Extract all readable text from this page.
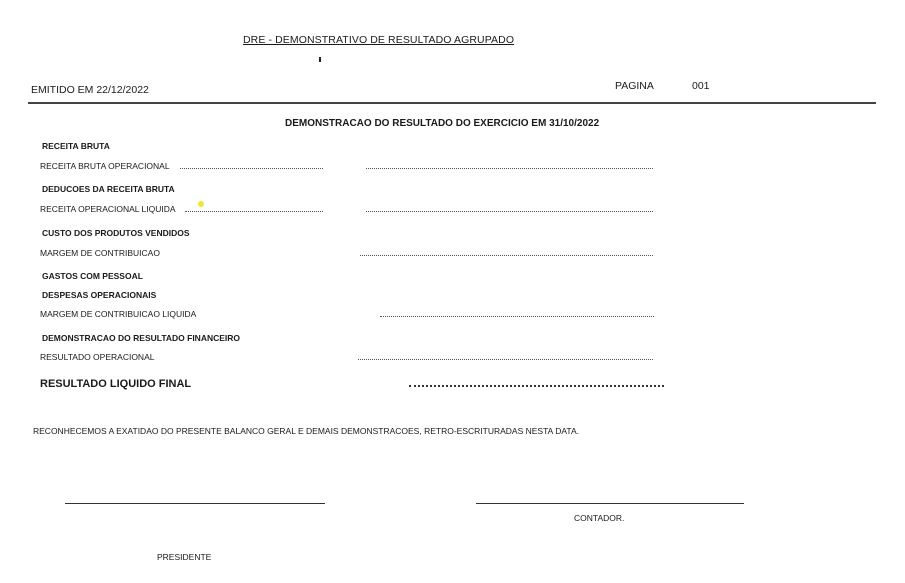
DRE - DEMONSTRATIVO DE RESULTADO AGRUPADO
EMITIDO EM 22/12/2022	PAGINA	001
DEMONSTRACAO DO RESULTADO DO EXERCICIO EM 31/10/2022
RECEITA BRUTA
RECEITA BRUTA OPERACIONAL
DEDUCOES DA RECEITA BRUTA
RECEITA OPERACIONAL LIQUIDA
CUSTO DOS PRODUTOS VENDIDOS
MARGEM DE CONTRIBUICAO
GASTOS COM PESSOAL
DESPESAS OPERACIONAIS
MARGEM DE CONTRIBUICAO LIQUIDA
DEMONSTRACAO DO RESULTADO FINANCEIRO
RESULTADO OPERACIONAL
RESULTADO LIQUIDO FINAL
RECONHECEMOS A EXATIDAO DO PRESENTE BALANCO GERAL E DEMAIS DEMONSTRACOES, RETRO-ESCRITURADAS NESTA DATA.
CONTADOR.
PRESIDENTE
